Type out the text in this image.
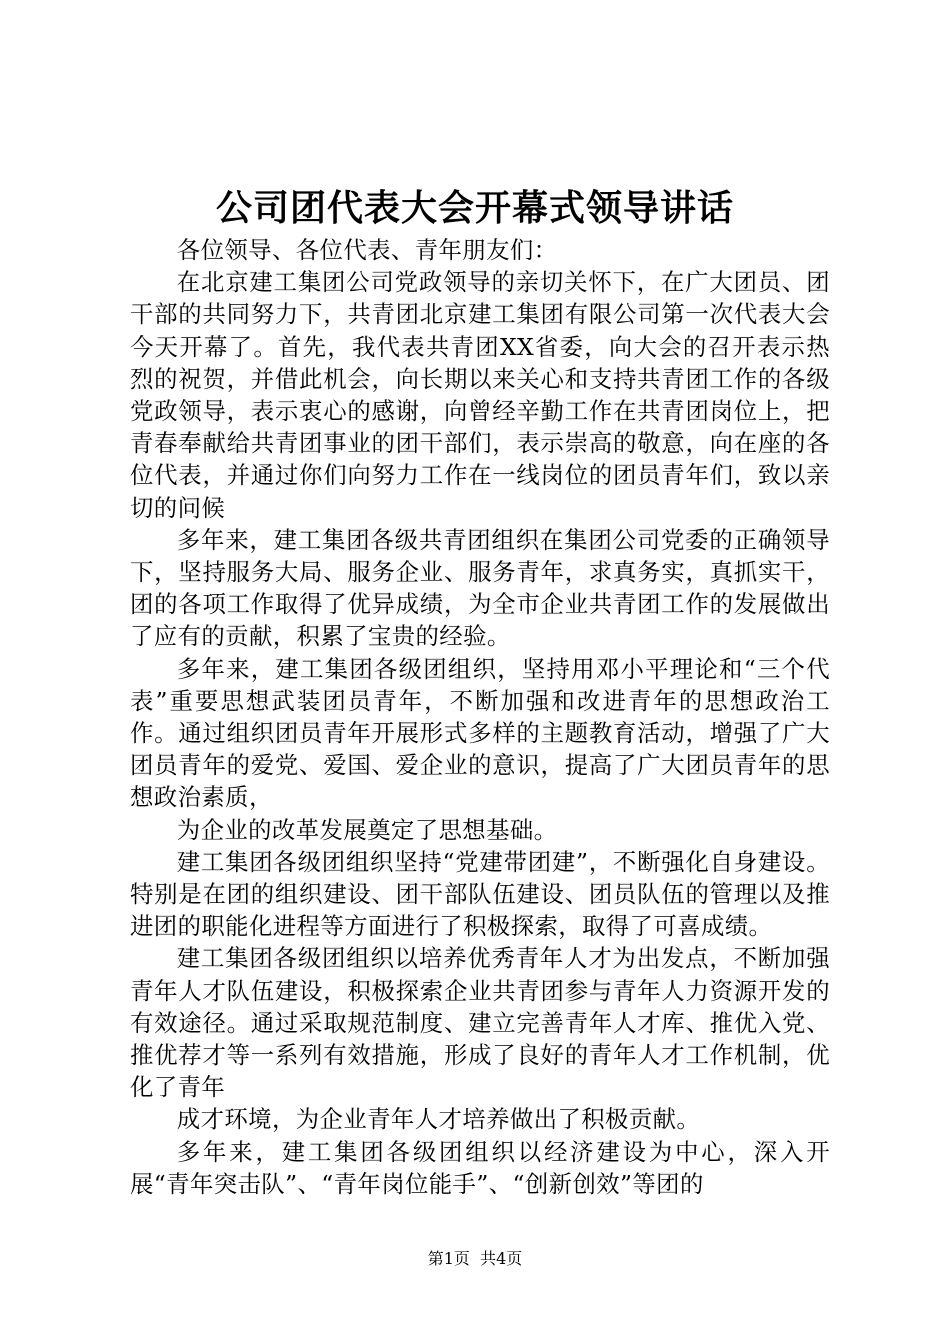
公司团代表大会开幕式领导讲话

各位领导、各位代表、青年朋友们：

在北京建工集团公司党政领导的亲切关怀下，在广大团员、团干部的共同努力下，共青团北京建工集团有限公司第一次代表大会今天开幕了。首先，我代表共青团XX省委，向大会的召开表示热烈的祝贺，并借此机会，向长期以来关心和支持共青团工作的各级党政领导，表示衷心的感谢，向曾经辛勤工作在共青团岗位上，把青春奉献给共青团事业的团干部们，表示崇高的敬意，向在座的各位代表，并通过你们向努力工作在一线岗位的团员青年们，致以亲切的问候

多年来，建工集团各级共青团组织在集团公司党委的正确领导下，坚持服务大局、服务企业、服务青年，求真务实，真抓实干，团的各项工作取得了优异成绩，为全市企业共青团工作的发展做出了应有的贡献，积累了宝贵的经验。

多年来，建工集团各级团组织，坚持用邓小平理论和“三个代表”重要思想武装团员青年，不断加强和改进青年的思想政治工作。通过组织团员青年开展形式多样的主题教育活动，增强了广大团员青年的爱党、爱国、爱企业的意识，提高了广大团员青年的思想政治素质，

为企业的改革发展奠定了思想基础。

建工集团各级团组织坚持“党建带团建”，不断强化自身建设。特别是在团的组织建设、团干部队伍建设、团员队伍的管理以及推进团的职能化进程等方面进行了积极探索，取得了可喜成绩。

建工集团各级团组织以培养优秀青年人才为出发点，不断加强青年人才队伍建设，积极探索企业共青团参与青年人力资源开发的有效途径。通过采取规范制度、建立完善青年人才库、推优入党、推优荐才等一系列有效措施，形成了良好的青年人才工作机制，优化了青年

成才环境，为企业青年人才培养做出了积极贡献。

多年来，建工集团各级团组织以经济建设为中心，深入开展“青年突击队”、“青年岗位能手”、“创新创效”等团的

第1页  共4页
